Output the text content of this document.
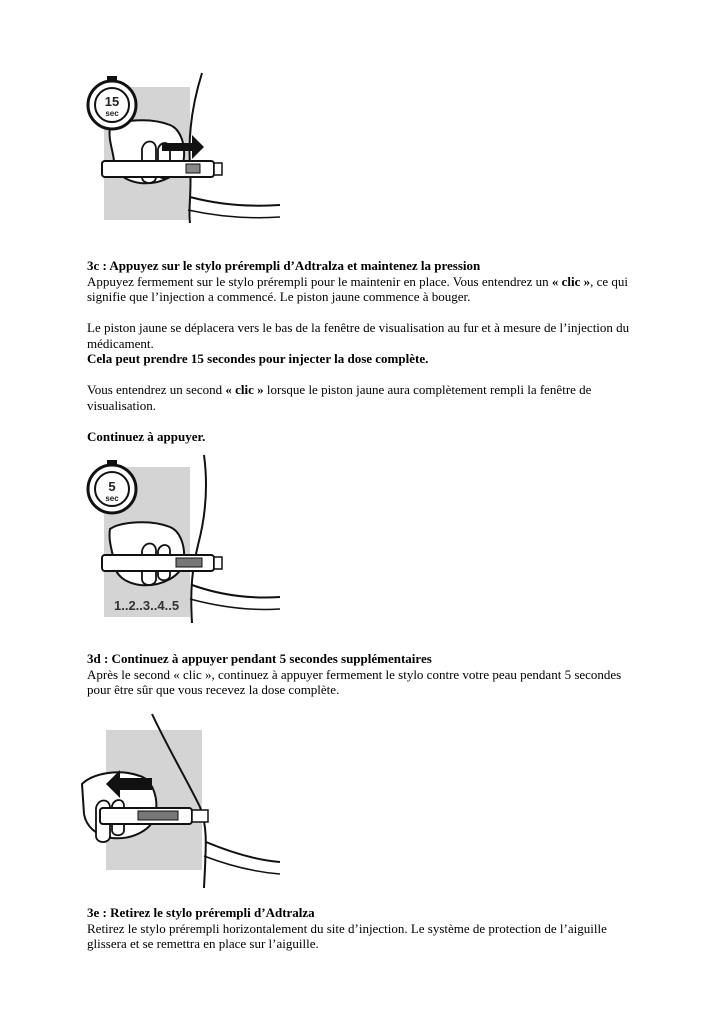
15
sec

3c : Appuyez sur le stylo prérempli d’Adtralza et maintenez la pression

Appuyez fermement sur le stylo prérempli pour le maintenir en place. Vous entendrez un « clic », ce qui signifie que l’injection a commencé. Le piston jaune commence à bouger.

Le piston jaune se déplacera vers le bas de la fenêtre de visualisation au fur et à mesure de l’injection du médicament.

Cela peut prendre 15 secondes pour injecter la dose complète.

Vous entendrez un second « clic » lorsque le piston jaune aura complètement rempli la fenêtre de visualisation.

Continuez à appuyer.

5
sec
1..2..3..4..5

3d : Continuez à appuyer pendant 5 secondes supplémentaires

Après le second « clic », continuez à appuyer fermement le stylo contre votre peau pendant 5 secondes pour être sûr que vous recevez la dose complète.

3e : Retirez le stylo prérempli d’Adtralza

Retirez le stylo prérempli horizontalement du site d’injection. Le système de protection de l’aiguille glissera et se remettra en place sur l’aiguille.
